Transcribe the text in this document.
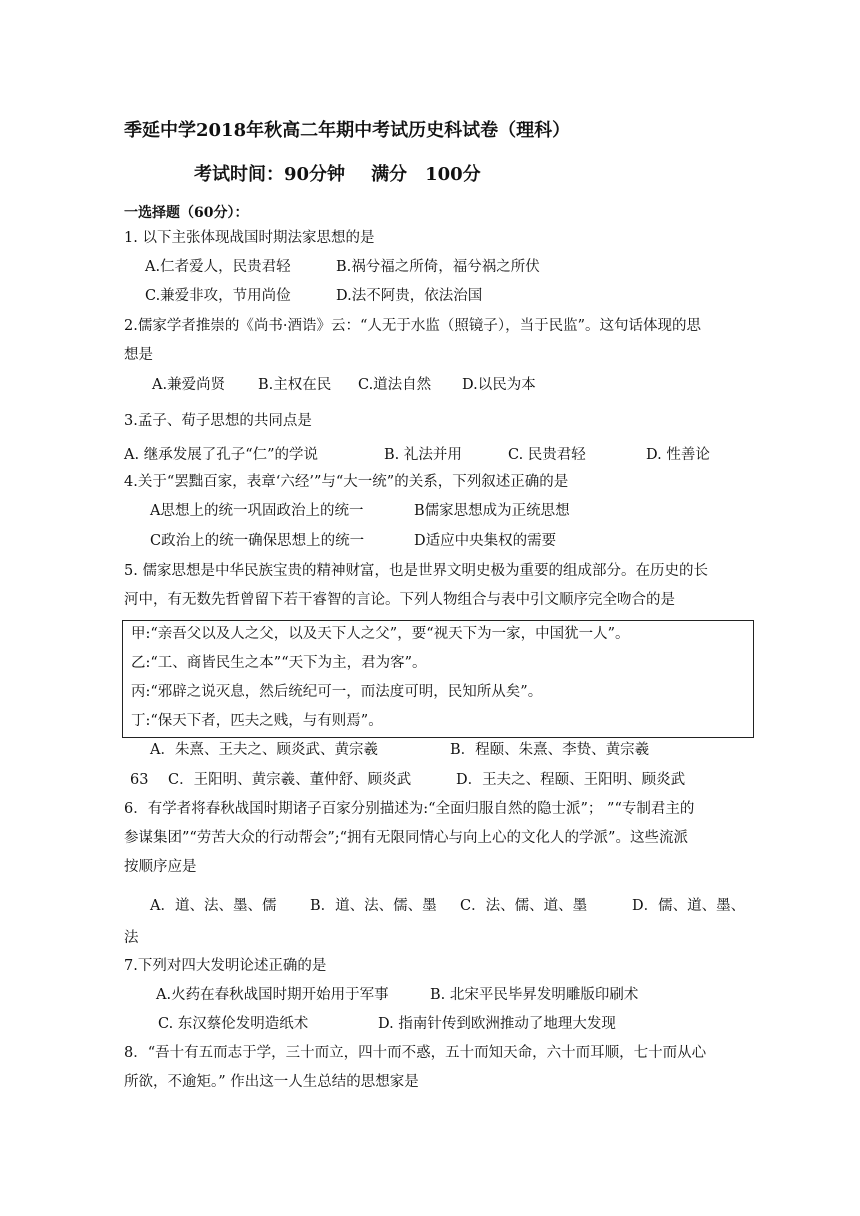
季延中学2018年秋高二年期中考试历史科试卷（理科）
考试时间：90分钟 满分 100分
一选择题（60分）：
1. 以下主张体现战国时期法家思想的是
A.仁者爱人，民贵君轻	B.祸兮福之所倚，福兮祸之所伏
C.兼爱非攻，节用尚俭	D.法不阿贵，依法治国
2.儒家学者推崇的《尚书·酒诰》云：“人无于水监（照镜子），当于民监”。这句话体现的思
想是
A.兼爱尚贤 B.主权在民 C.道法自然 D.以民为本
3.孟子、荀子思想的共同点是
A. 继承发展了孔子“仁”的学说	B. 礼法并用	C. 民贵君轻	D. 性善论
4.关于“罢黜百家，表章‘六经’”与“大一统”的关系，下列叙述正确的是
A思想上的统一巩固政治上的统一	B儒家思想成为正统思想
C政治上的统一确保思想上的统一	D适应中央集权的需要
5. 儒家思想是中华民族宝贵的精神财富，也是世界文明史极为重要的组成部分。在历史的长
河中，有无数先哲曾留下若干睿智的言论。下列人物组合与表中引文顺序完全吻合的是
甲:“亲吾父以及人之父，以及天下人之父”，要“视天下为一家，中国犹一人”。
乙:“工、商皆民生之本”“天下为主，君为客”。
丙:“邪辟之说灭息，然后统纪可一，而法度可明，民知所从矣”。
丁:“保天下者，匹夫之贱，与有则焉”。
A．朱熹、王夫之、顾炎武、黄宗羲	B．程颐、朱熹、李贽、黄宗羲
63 C．王阳明、黄宗羲、董仲舒、顾炎武	D．王夫之、程颐、王阳明、顾炎武
6．有学者将春秋战国时期诸子百家分别描述为:“全面归服自然的隐士派”； ”“专制君主的
参谋集团”“劳苦大众的行动帮会”;“拥有无限同情心与向上心的文化人的学派”。这些流派
按顺序应是
A．道、法、墨、儒 B．道、法、儒、墨 C．法、儒、道、墨	D．儒、道、墨、
法
7.下列对四大发明论述正确的是
A.火药在春秋战国时期开始用于军事	B. 北宋平民毕昇发明雕版印刷术
C. 东汉蔡伦发明造纸术	D. 指南针传到欧洲推动了地理大发现
8．“吾十有五而志于学，三十而立，四十而不惑，五十而知天命，六十而耳顺，七十而从心
所欲，不逾矩。” 作出这一人生总结的思想家是
